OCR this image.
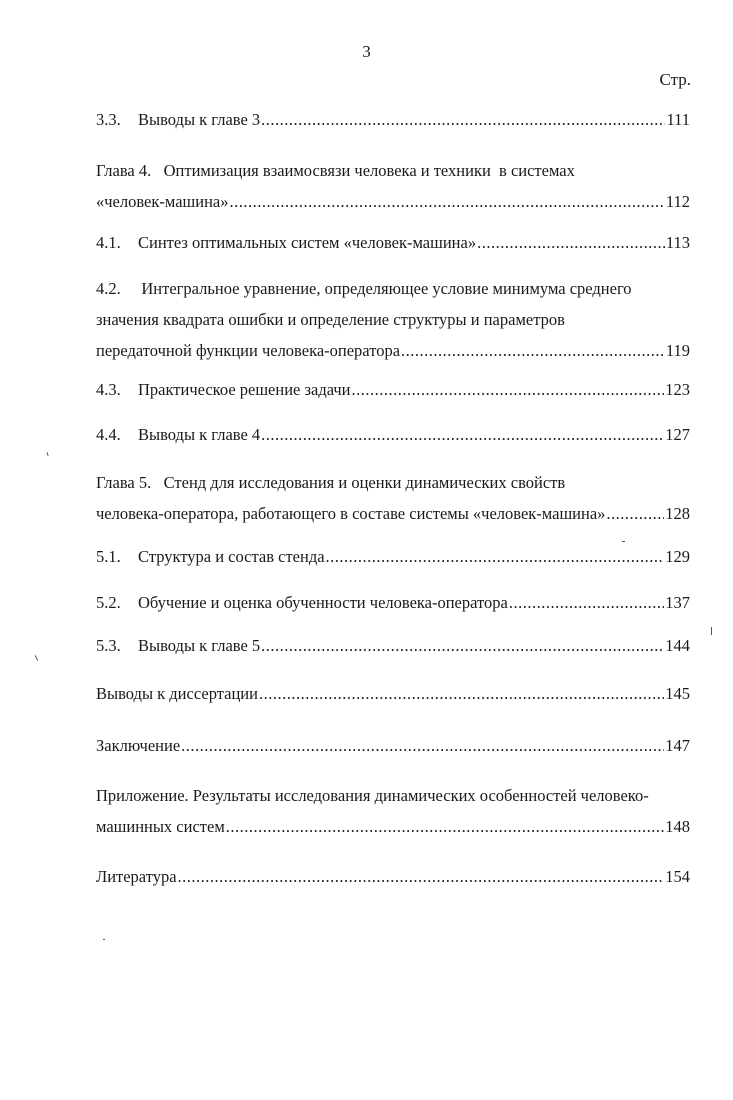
3
Стр.
3.3.	Выводы к главе 3 .....	111
Глава 4.   Оптимизация взаимосвязи человека и техники  в системах
«человек-машина» .....	112
4.1.	Синтез оптимальных систем «человек-машина» .....	113
4.2.     Интегральное уравнение, определяющее условие минимума среднего
значения квадрата ошибки и определение структуры и параметров
передаточной функции человека-оператора .....	119
4.3.	Практическое решение задачи .....	123
4.4.	Выводы к главе 4 .....	127
Глава 5.   Стенд для исследования и оценки динамических свойств
человека-оператора, работающего в составе системы «человек-машина» .....	128
5.1.	Структура и состав стенда .....	129
5.2.	Обучение и оценка обученности человека-оператора .....	137
5.3.	Выводы к главе 5 .....	144
Выводы к диссертации .....	145
Заключение .....	147
Приложение. Результаты исследования динамических особенностей человеко-
машинных систем .....	148
Литература .....	154
